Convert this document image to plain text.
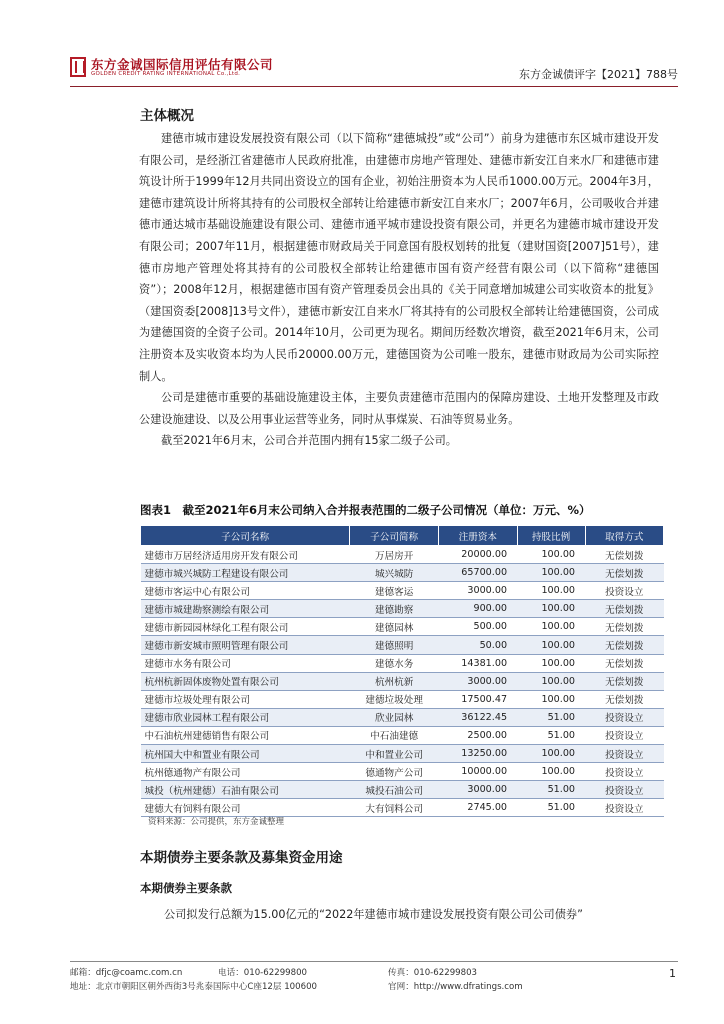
东方金诚国际信用评估有限公司
GOLDEN CREDIT RATING INTERNATIONAL Co.,Ltd.	东方金诚债评字【2021】788号
主体概况

建德市城市建设发展投资有限公司（以下简称“建德城投”或“公司”）前身为建德市东区城市建设开发有限公司，是经浙江省建德市人民政府批准，由建德市房地产管理处、建德市新安江自来水厂和建德市建筑设计所于1999年12月共同出资设立的国有企业，初始注册资本为人民币1000.00万元。2004年3月，建德市建筑设计所将其持有的公司股权全部转让给建德市新安江自来水厂；2007年6月，公司吸收合并建德市通达城市基础设施建设有限公司、建德市通平城市建设投资有限公司，并更名为建德市城市建设开发有限公司；2007年11月，根据建德市财政局关于同意国有股权划转的批复（建财国资[2007]51号），建德市房地产管理处将其持有的公司股权全部转让给建德市国有资产经营有限公司（以下简称“建德国资”）；2008年12月，根据建德市国有资产管理委员会出具的《关于同意增加城建公司实收资本的批复》（建国资委[2008]13号文件），建德市新安江自来水厂将其持有的公司股权全部转让给建德国资，公司成为建德国资的全资子公司。2014年10月，公司更为现名。期间历经数次增资，截至2021年6月末，公司注册资本及实收资本均为人民币20000.00万元，建德国资为公司唯一股东，建德市财政局为公司实际控制人。

公司是建德市重要的基础设施建设主体，主要负责建德市范围内的保障房建设、土地开发整理及市政公建设施建设、以及公用事业运营等业务，同时从事煤炭、石油等贸易业务。

截至2021年6月末，公司合并范围内拥有15家二级子公司。

图表1　截至2021年6月末公司纳入合并报表范围的二级子公司情况（单位：万元、%）
子公司名称	子公司简称	注册资本	持股比例	取得方式
建德市万居经济适用房开发有限公司	万居房开	20000.00	100.00	无偿划拨
建德市城兴城防工程建设有限公司	城兴城防	65700.00	100.00	无偿划拨
建德市客运中心有限公司	建德客运	3000.00	100.00	投资设立
建德市城建勘察测绘有限公司	建德勘察	900.00	100.00	无偿划拨
建德市新园园林绿化工程有限公司	建德园林	500.00	100.00	无偿划拨
建德市新安城市照明管理有限公司	建德照明	50.00	100.00	无偿划拨
建德市水务有限公司	建德水务	14381.00	100.00	无偿划拨
杭州杭新固体废物处置有限公司	杭州杭新	3000.00	100.00	无偿划拨
建德市垃圾处理有限公司	建德垃圾处理	17500.47	100.00	无偿划拨
建德市欣业园林工程有限公司	欣业园林	36122.45	51.00	投资设立
中石油杭州建德销售有限公司	中石油建德	2500.00	51.00	投资设立
杭州国大中和置业有限公司	中和置业公司	13250.00	100.00	投资设立
杭州德通物产有限公司	德通物产公司	10000.00	100.00	投资设立
城投（杭州建德）石油有限公司	城投石油公司	3000.00	51.00	投资设立
建德大有饲料有限公司	大有饲料公司	2745.00	51.00	投资设立
资料来源：公司提供，东方金诚整理
本期债券主要条款及募集资金用途
本期债券主要条款
公司拟发行总额为15.00亿元的“2022年建德市城市建设发展投资有限公司公司债券”
邮箱：dfjc@coamc.com.cn	电话：010-62299800	传真：010-62299803
地址：北京市朝阳区朝外西街3号兆泰国际中心C座12层 100600	官网：http://www.dfratings.com
1
